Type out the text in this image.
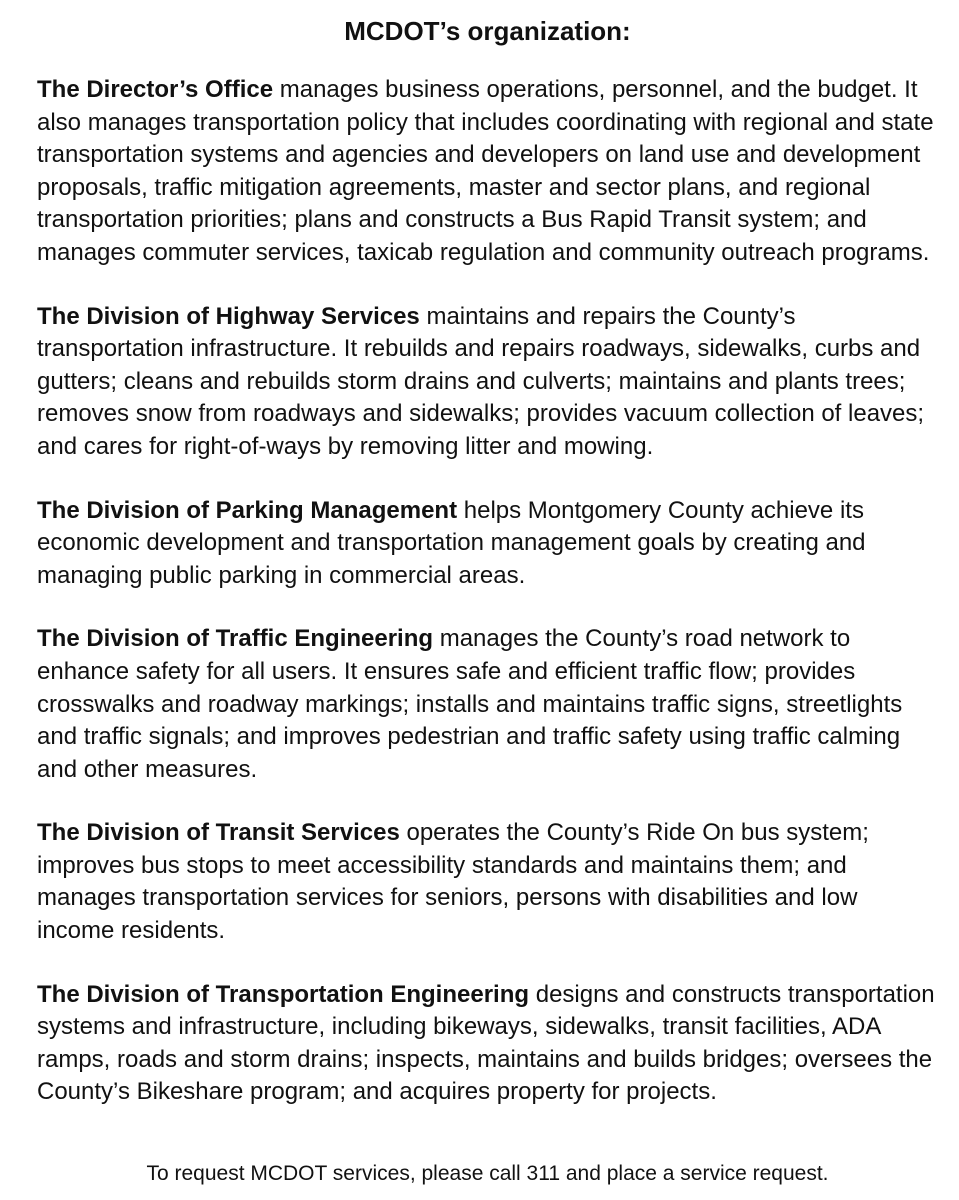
MCDOT’s organization:

The Director’s Office manages business operations, personnel, and the budget. It also manages transportation policy that includes coordinating with regional and state transportation systems and agencies and developers on land use and development proposals, traffic mitigation agreements, master and sector plans, and regional transportation priorities; plans and constructs a Bus Rapid Transit system; and manages commuter services, taxicab regulation and community outreach programs.

The Division of Highway Services maintains and repairs the County’s transportation infrastructure. It rebuilds and repairs roadways, sidewalks, curbs and gutters; cleans and rebuilds storm drains and culverts; maintains and plants trees; removes snow from roadways and sidewalks; provides vacuum collection of leaves; and cares for right-of-ways by removing litter and mowing.

The Division of Parking Management helps Montgomery County achieve its economic development and transportation management goals by creating and managing public parking in commercial areas.

The Division of Traffic Engineering manages the County’s road network to enhance safety for all users. It ensures safe and efficient traffic flow; provides crosswalks and roadway markings; installs and maintains traffic signs, streetlights and traffic signals; and improves pedestrian and traffic safety using traffic calming and other measures.

The Division of Transit Services operates the County’s Ride On bus system; improves bus stops to meet accessibility standards and maintains them; and manages transportation services for seniors, persons with disabilities and low income residents.

The Division of Transportation Engineering designs and constructs transportation systems and infrastructure, including bikeways, sidewalks, transit facilities, ADA ramps, roads and storm drains; inspects, maintains and builds bridges; oversees the County’s Bikeshare program; and acquires property for projects.

To request MCDOT services, please call 311 and place a service request.
